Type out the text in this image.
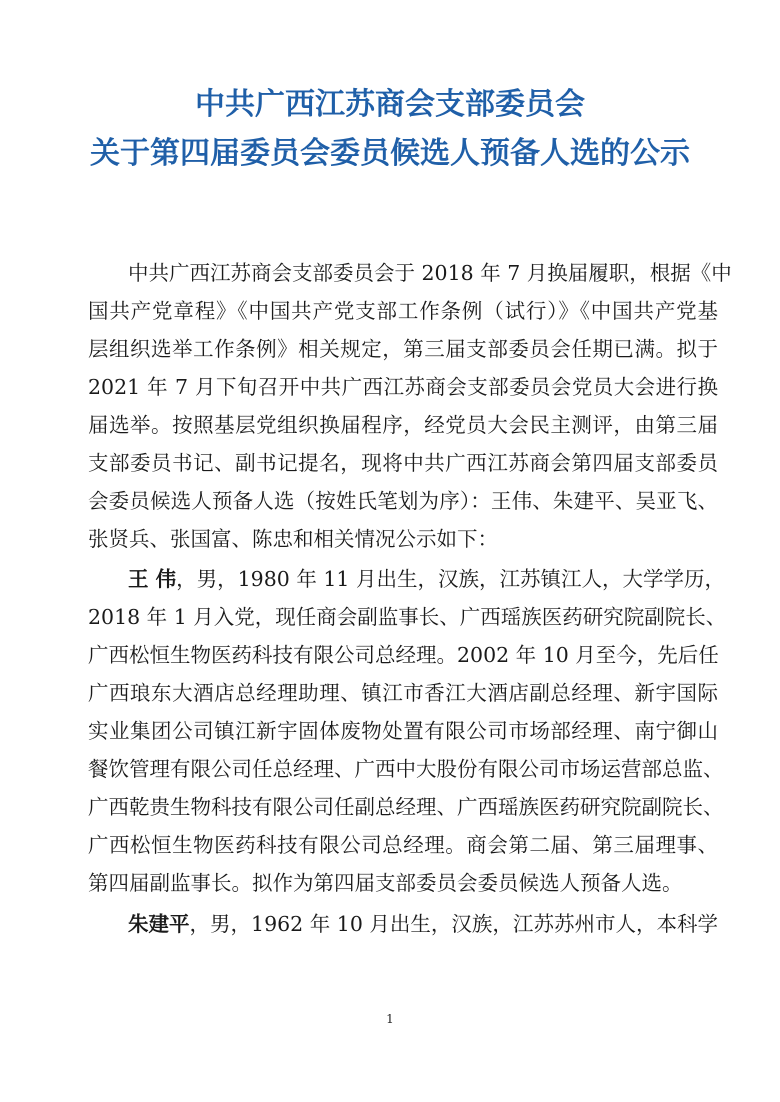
中共广西江苏商会支部委员会
关于第四届委员会委员候选人预备人选的公示
中共广西江苏商会支部委员会于 2018 年 7 月换届履职，根据《中
国共产党章程》《中国共产党支部工作条例（试行）》《中国共产党基
层组织选举工作条例》相关规定，第三届支部委员会任期已满。拟于
2021 年 7 月下旬召开中共广西江苏商会支部委员会党员大会进行换
届选举。按照基层党组织换届程序，经党员大会民主测评，由第三届
支部委员书记、副书记提名，现将中共广西江苏商会第四届支部委员
会委员候选人预备人选（按姓氏笔划为序）：王伟、朱建平、吴亚飞、
张贤兵、张国富、陈忠和相关情况公示如下：
王 伟，男，1980 年 11 月出生，汉族，江苏镇江人，大学学历，
2018 年 1 月入党，现任商会副监事长、广西瑶族医药研究院副院长、
广西松恒生物医药科技有限公司总经理。2002 年 10 月至今，先后任
广西琅东大酒店总经理助理、镇江市香江大酒店副总经理、新宇国际
实业集团公司镇江新宇固体废物处置有限公司市场部经理、南宁御山
餐饮管理有限公司任总经理、广西中大股份有限公司市场运营部总监、
广西乾贵生物科技有限公司任副总经理、广西瑶族医药研究院副院长、
广西松恒生物医药科技有限公司总经理。商会第二届、第三届理事、
第四届副监事长。拟作为第四届支部委员会委员候选人预备人选。
朱建平，男，1962 年 10 月出生，汉族，江苏苏州市人，本科学
1
